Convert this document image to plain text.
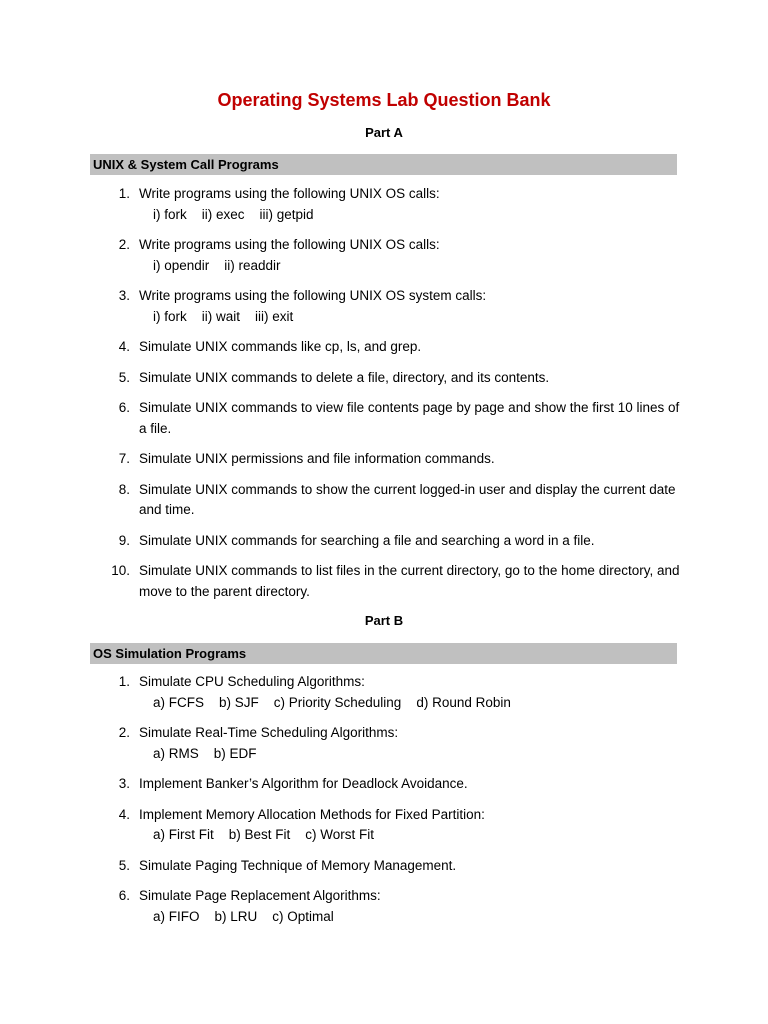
Operating Systems Lab Question Bank
Part A
UNIX & System Call Programs
1. Write programs using the following UNIX OS calls:
i) fork    ii) exec    iii) getpid
2. Write programs using the following UNIX OS calls:
i) opendir    ii) readdir
3. Write programs using the following UNIX OS system calls:
i) fork    ii) wait    iii) exit
4. Simulate UNIX commands like cp, ls, and grep.
5. Simulate UNIX commands to delete a file, directory, and its contents.
6. Simulate UNIX commands to view file contents page by page and show the first 10 lines of a file.
7. Simulate UNIX permissions and file information commands.
8. Simulate UNIX commands to show the current logged-in user and display the current date and time.
9. Simulate UNIX commands for searching a file and searching a word in a file.
10. Simulate UNIX commands to list files in the current directory, go to the home directory, and move to the parent directory.
Part B
OS Simulation Programs
1. Simulate CPU Scheduling Algorithms:
a) FCFS    b) SJF    c) Priority Scheduling    d) Round Robin
2. Simulate Real-Time Scheduling Algorithms:
a) RMS    b) EDF
3. Implement Banker’s Algorithm for Deadlock Avoidance.
4. Implement Memory Allocation Methods for Fixed Partition:
a) First Fit    b) Best Fit    c) Worst Fit
5. Simulate Paging Technique of Memory Management.
6. Simulate Page Replacement Algorithms:
a) FIFO    b) LRU    c) Optimal
